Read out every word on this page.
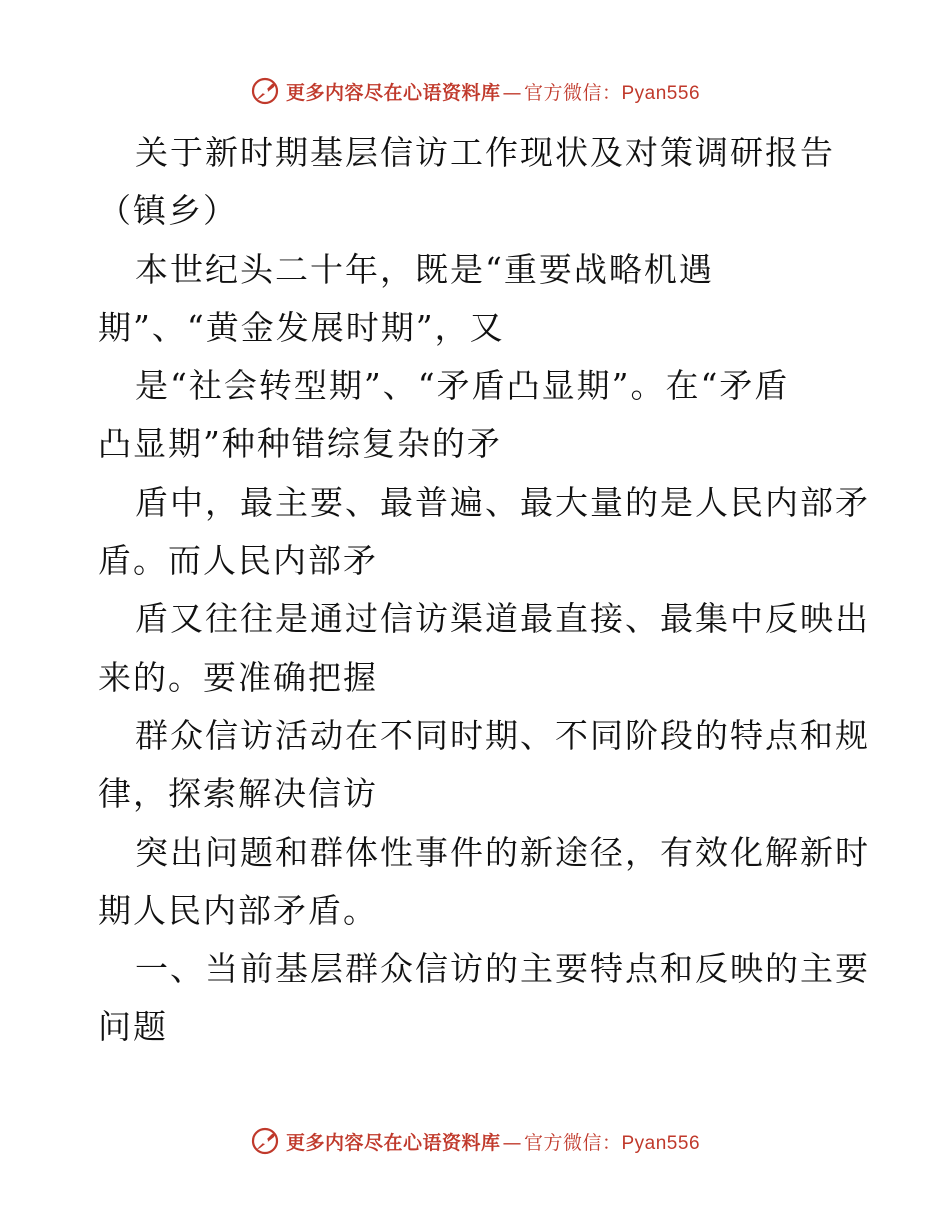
更多内容尽在心语资料库 — 官方微信：Pyan556
关于新时期基层信访工作现状及对策调研报告
（镇乡）
本世纪头二十年，既是“重要战略机遇
期”、“黄金发展时期”，又
是“社会转型期”、“矛盾凸显期”。在“矛盾
凸显期”种种错综复杂的矛
盾中，最主要、最普遍、最大量的是人民内部矛
盾。而人民内部矛
盾又往往是通过信访渠道最直接、最集中反映出
来的。要准确把握
群众信访活动在不同时期、不同阶段的特点和规
律，探索解决信访
突出问题和群体性事件的新途径，有效化解新时
期人民内部矛盾。
一、当前基层群众信访的主要特点和反映的主要
问题
更多内容尽在心语资料库 — 官方微信：Pyan556
